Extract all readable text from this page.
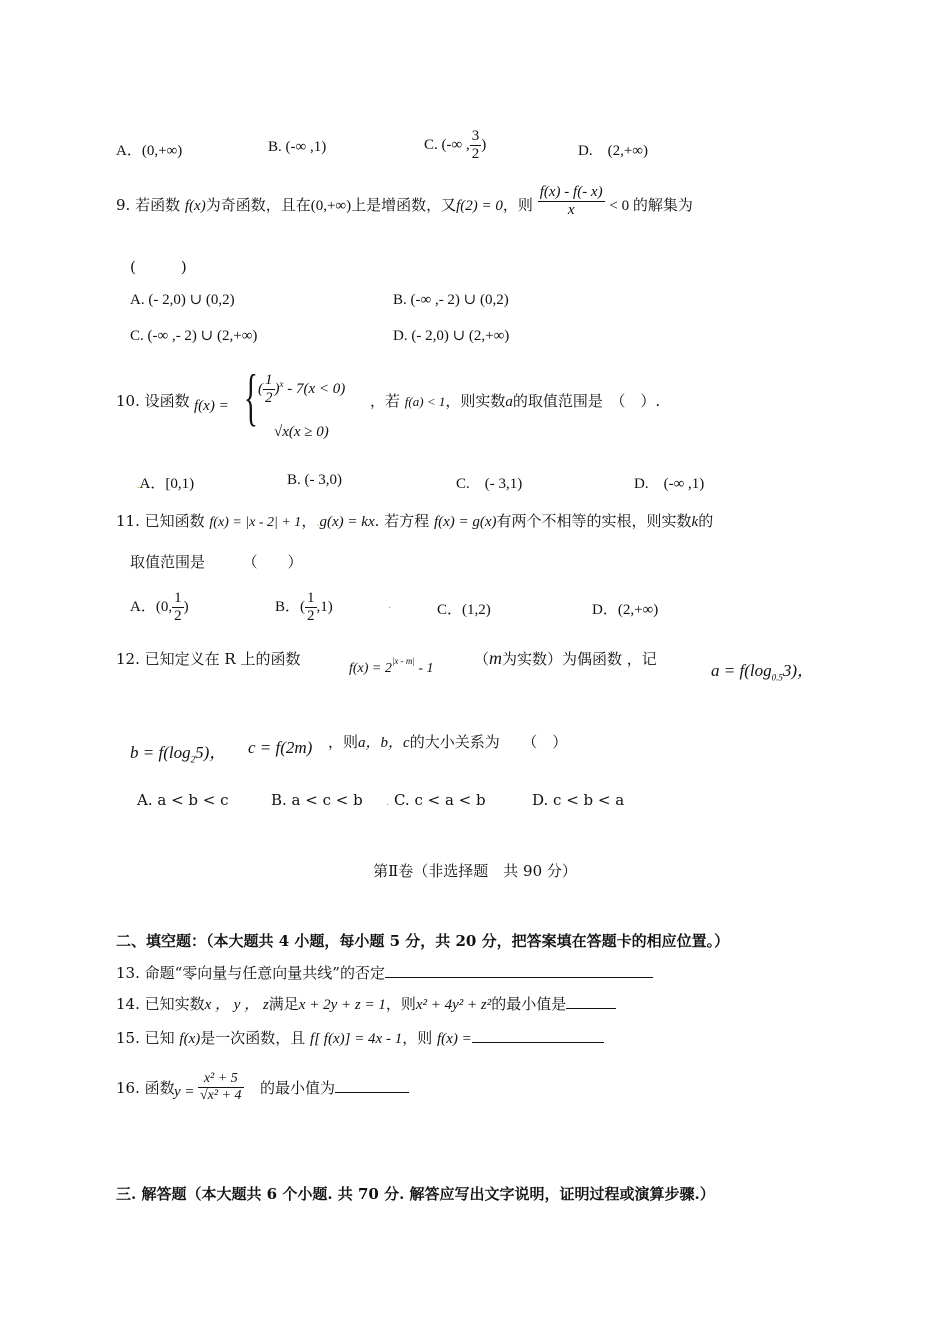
A．(0,+∞)	B. (-∞ ,1)	C. (-∞ , $\frac{3}{2}$ )	D.　(2,+∞)
9. 若函数 f(x)为奇函数，且在(0,+∞)上是增函数，又f(2) = 0，则 $\frac{f(x) - f(- x)}{x} < 0$ 的解集为
(　　　)
A. (- 2,0) ∪ (0,2)	B. (-∞ ,- 2) ∪ (0,2)
C. (-∞ ,- 2) ∪ (2,+∞)	D. (- 2,0) ∪ (2,+∞)
10. 设函数 f(x) = { ( $\frac{1}{2} )^x - 7(x < 0)$
√x(x ≥ 0)
，若 f(a) < 1，则实数a的取值范围是　（　）.
.A．[0,1)	B. (- 3,0)	C.　(- 3,1)	D.　(-∞ ,1)
11. 已知函数 f(x) = |x - 2| + 1，.g(x) = kx. 若方程 f(x) = g(x)有两个不相等的实根，则实数k的
取值范围是　　　（　　）
A．(0, $\frac{1}{2}$ )	B．( $\frac{1}{2} ,1$)	.	C．(1,2)	D．(2,+∞)
12. 已知定义在 R 上的函数
$f(x) = 2^{|x - m|} - 1$
（m为实数）为偶函数 ，记
$a = f(\log_{0.5}3)$，
$b = f(\log_25)$， c = f(2m) ，则a，b，c的大小关系为　　（　）
A. a < b < c	B. a < c < b . C. c < a < b	D. c < b < a
第Ⅱ卷（非选择题　共 90 分）
二、填空题：（本大题共 4 小题，每小题 5 分，共 20 分，把答案填在答题卡的相应位置。）
13. 命题“零向量与任意向量共线”的否定
14. 已知实数x ， y ， z满足x + 2y + z = 1，则x² + 4y² + z²的最小值是
15. 已知 f(x)是一次函数，且 f[ f(x)] = 4x - 1，则 f(x) =
16. 函数 $y = \frac{\text{x² + 5}}{\text{√x² + 4}}$ 的最小值为
三. 解答题（本大题共 6 个小题. 共 70 分. 解答应写出文字说明，证明过程或演算步骤.）
